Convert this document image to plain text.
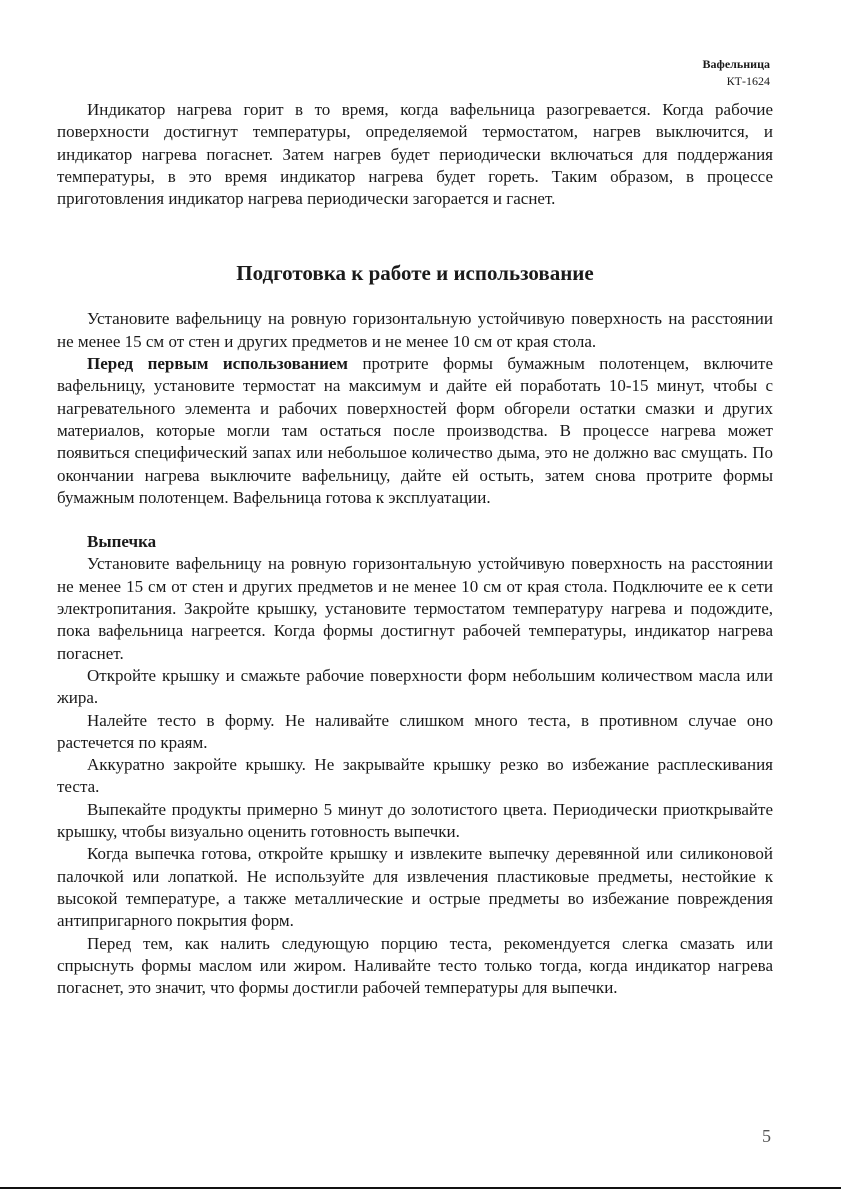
Вафельница
КТ-1624

Индикатор нагрева горит в то время, когда вафельница разогревается. Когда рабочие поверхности достигнут температуры, определяемой термостатом, нагрев выключится, и индикатор нагрева погаснет. Затем нагрев будет периодически включаться для поддержания температуры, в это время индикатор нагрева будет гореть. Таким образом, в процессе приготовления индикатор нагрева периодически загорается и гаснет.

Подготовка к работе и использование

Установите вафельницу на ровную горизонтальную устойчивую поверхность на расстоянии не менее 15 см от стен и других предметов и не менее 10 см от края стола.

Перед первым использованием протрите формы бумажным полотенцем, включите вафельницу, установите термостат на максимум и дайте ей поработать 10-15 минут, чтобы с нагревательного элемента и рабочих поверхностей форм обгорели остатки смазки и других материалов, которые могли там остаться после производства. В процессе нагрева может появиться специфический запах или небольшое количество дыма, это не должно вас смущать. По окончании нагрева выключите вафельницу, дайте ей остыть, затем снова протрите формы бумажным полотенцем. Вафельница готова к эксплуатации.

Выпечка

Установите вафельницу на ровную горизонтальную устойчивую поверхность на расстоянии не менее 15 см от стен и других предметов и не менее 10 см от края стола. Подключите ее к сети электропитания. Закройте крышку, установите термостатом температуру нагрева и подождите, пока вафельница нагреется. Когда формы достигнут рабочей температуры, индикатор нагрева погаснет.

Откройте крышку и смажьте рабочие поверхности форм небольшим количеством масла или жира.

Налейте тесто в форму. Не наливайте слишком много теста, в противном случае оно растечется по краям.

Аккуратно закройте крышку. Не закрывайте крышку резко во избежание расплескивания теста.

Выпекайте продукты примерно 5 минут до золотистого цвета. Периодически приоткрывайте крышку, чтобы визуально оценить готовность выпечки.

Когда выпечка готова, откройте крышку и извлеките выпечку деревянной или силиконовой палочкой или лопаткой. Не используйте для извлечения пластиковые предметы, нестойкие к высокой температуре, а также металлические и острые предметы во избежание повреждения антипригарного покрытия форм.

Перед тем, как налить следующую порцию теста, рекомендуется слегка смазать или спрыснуть формы маслом или жиром. Наливайте тесто только тогда, когда индикатор нагрева погаснет, это значит, что формы достигли рабочей температуры для выпечки.

5
